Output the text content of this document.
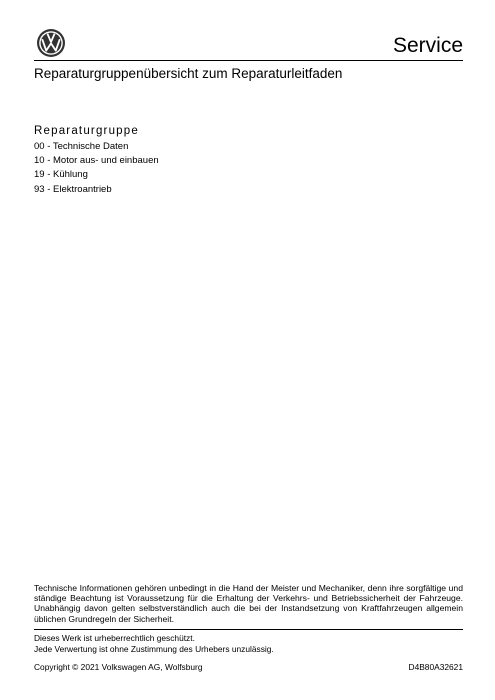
Service
Reparaturgruppenübersicht zum Reparaturleitfaden
Reparaturgruppe
00 - Technische Daten
10 - Motor aus- und einbauen
19 - Kühlung
93 - Elektroantrieb
Technische Informationen gehören unbedingt in die Hand der Meister und Mechaniker, denn ihre sorgfältige und ständige Beachtung ist Voraussetzung für die Erhaltung der Verkehrs- und Betriebssicherheit der Fahrzeuge. Unabhängig davon gelten selbstverständlich auch die bei der Instandsetzung von Kraftfahrzeugen allgemein üblichen Grundregeln der Sicherheit.
Dieses Werk ist urheberrechtlich geschützt.
Jede Verwertung ist ohne Zustimmung des Urhebers unzulässig.
Copyright © 2021 Volkswagen AG, Wolfsburg	D4B80A32621
